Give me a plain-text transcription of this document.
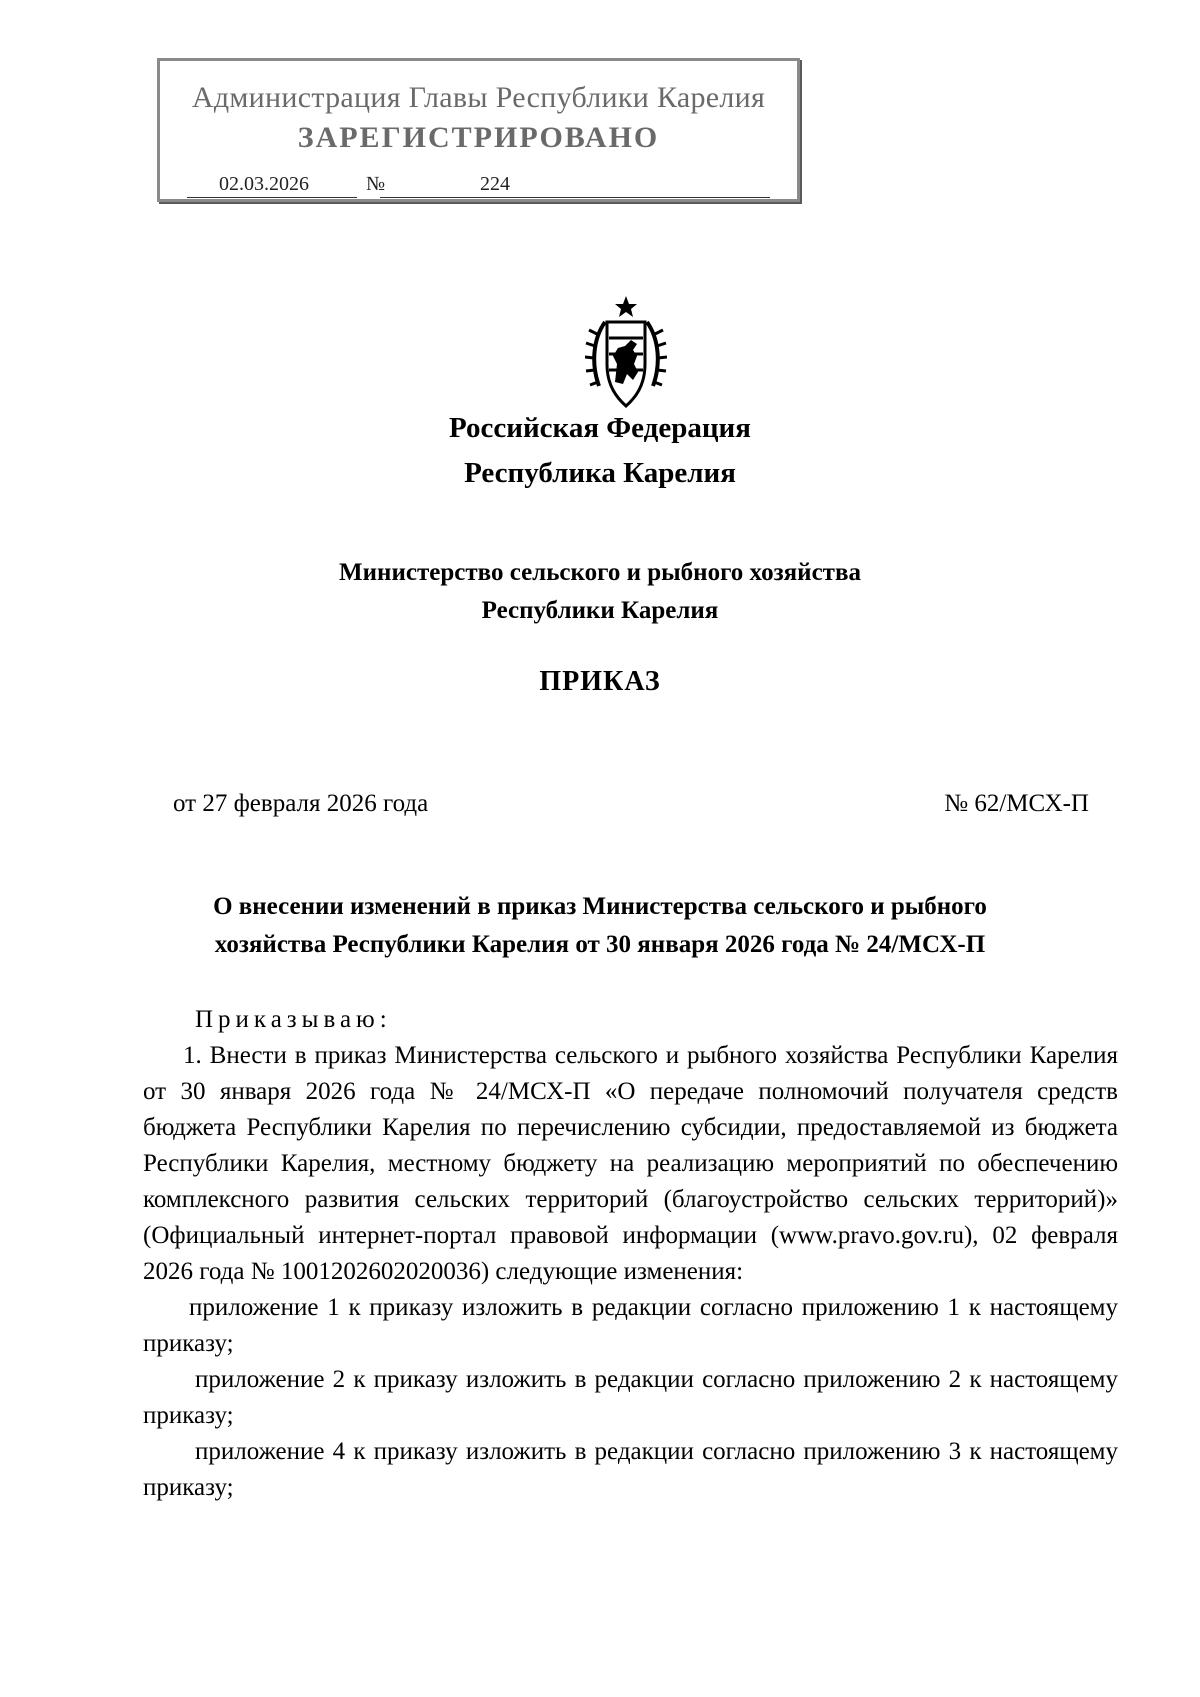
Администрация Главы Республики Карелия
ЗАРЕГИСТРИРОВАНО
02.03.2026	№	224
Российская Федерация
Республика Карелия
Министерство сельского и рыбного хозяйства
Республики Карелия
ПРИКАЗ
от 27 февраля 2026 года	№ 62/МСХ-П
О внесении изменений в приказ Министерства сельского и рыбного
хозяйства Республики Карелия от 30 января 2026 года № 24/МСХ-П

Приказываю:

1. Внести в приказ Министерства сельского и рыбного хозяйства Республики Карелия от 30 января 2026 года № 24/МСХ-П «О передаче полномочий получателя средств бюджета Республики Карелия по перечислению субсидии, предоставляемой из бюджета Республики Карелия, местному бюджету на реализацию мероприятий по обеспечению комплексного развития сельских территорий (благоустройство сельских территорий)» (Официальный интернет-портал правовой информации (www.pravo.gov.ru), 02 февраля 2026 года № 1001202602020036) следующие изменения:

приложение 1 к приказу изложить в редакции согласно приложению 1 к настоящему приказу;

приложение 2 к приказу изложить в редакции согласно приложению 2 к настоящему приказу;

приложение 4 к приказу изложить в редакции согласно приложению 3 к настоящему приказу;
